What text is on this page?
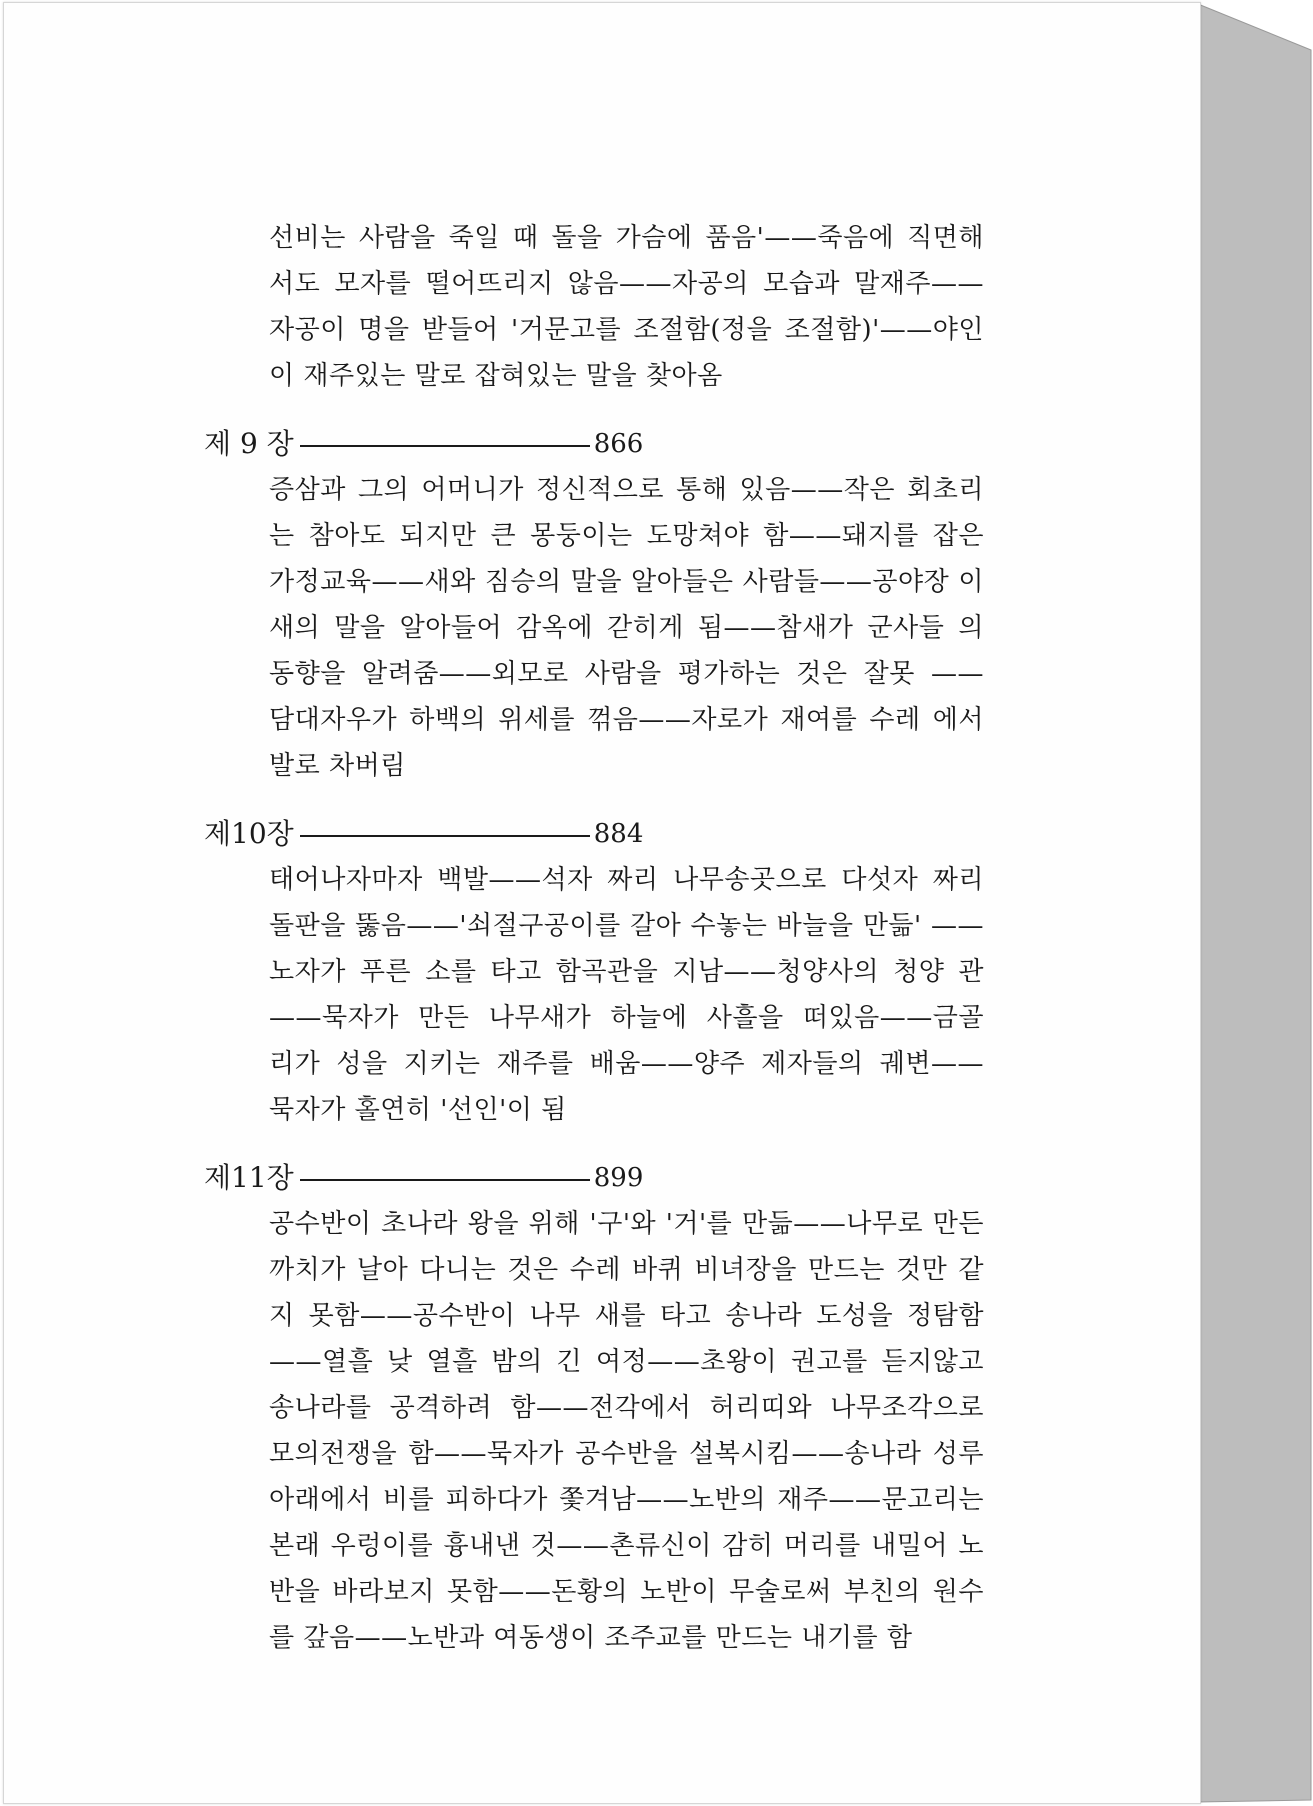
선비는 사람을 죽일 때 돌을 가슴에 품음'——죽음에 직면해 서도 모자를 떨어뜨리지 않음——자공의 모습과 말재주—— 자공이 명을 받들어 '거문고를 조절함(정을 조절함)'——야인 이 재주있는 말로 잡혀있는 말을 찾아옴

제 9 장	866

증삼과 그의 어머니가 정신적으로 통해 있음——작은 회초리 는 참아도 되지만 큰 몽둥이는 도망쳐야 함——돼지를 잡은 가정교육——새와 짐승의 말을 알아들은 사람들——공야장 이 새의 말을 알아들어 감옥에 갇히게 됨——참새가 군사들 의 동향을 알려줌——외모로 사람을 평가하는 것은 잘못 ——담대자우가 하백의 위세를 꺾음——자로가 재여를 수레 에서 발로 차버림

제10장	884

태어나자마자 백발——석자 짜리 나무송곳으로 다섯자 짜리 돌판을 뚫음——'쇠절구공이를 갈아 수놓는 바늘을 만듦' ——노자가 푸른 소를 타고 함곡관을 지남——청양사의 청양 관——묵자가 만든 나무새가 하늘에 사흘을 떠있음——금골 리가 성을 지키는 재주를 배움——양주 제자들의 궤변—— 묵자가 홀연히 '선인'이 됨

제11장	899

공수반이 초나라 왕을 위해 '구'와 '거'를 만듦——나무로 만든 까치가 날아 다니는 것은 수레 바퀴 비녀장을 만드는 것만 같 지 못함——공수반이 나무 새를 타고 송나라 도성을 정탐함 ——열흘 낮 열흘 밤의 긴 여정——초왕이 권고를 듣지않고 송나라를 공격하려 함——전각에서 허리띠와 나무조각으로 모의전쟁을 함——묵자가 공수반을 설복시킴——송나라 성루 아래에서 비를 피하다가 쫓겨남——노반의 재주——문고리는 본래 우렁이를 흉내낸 것——촌류신이 감히 머리를 내밀어 노 반을 바라보지 못함——돈황의 노반이 무술로써 부친의 원수 를 갚음——노반과 여동생이 조주교를 만드는 내기를 함
